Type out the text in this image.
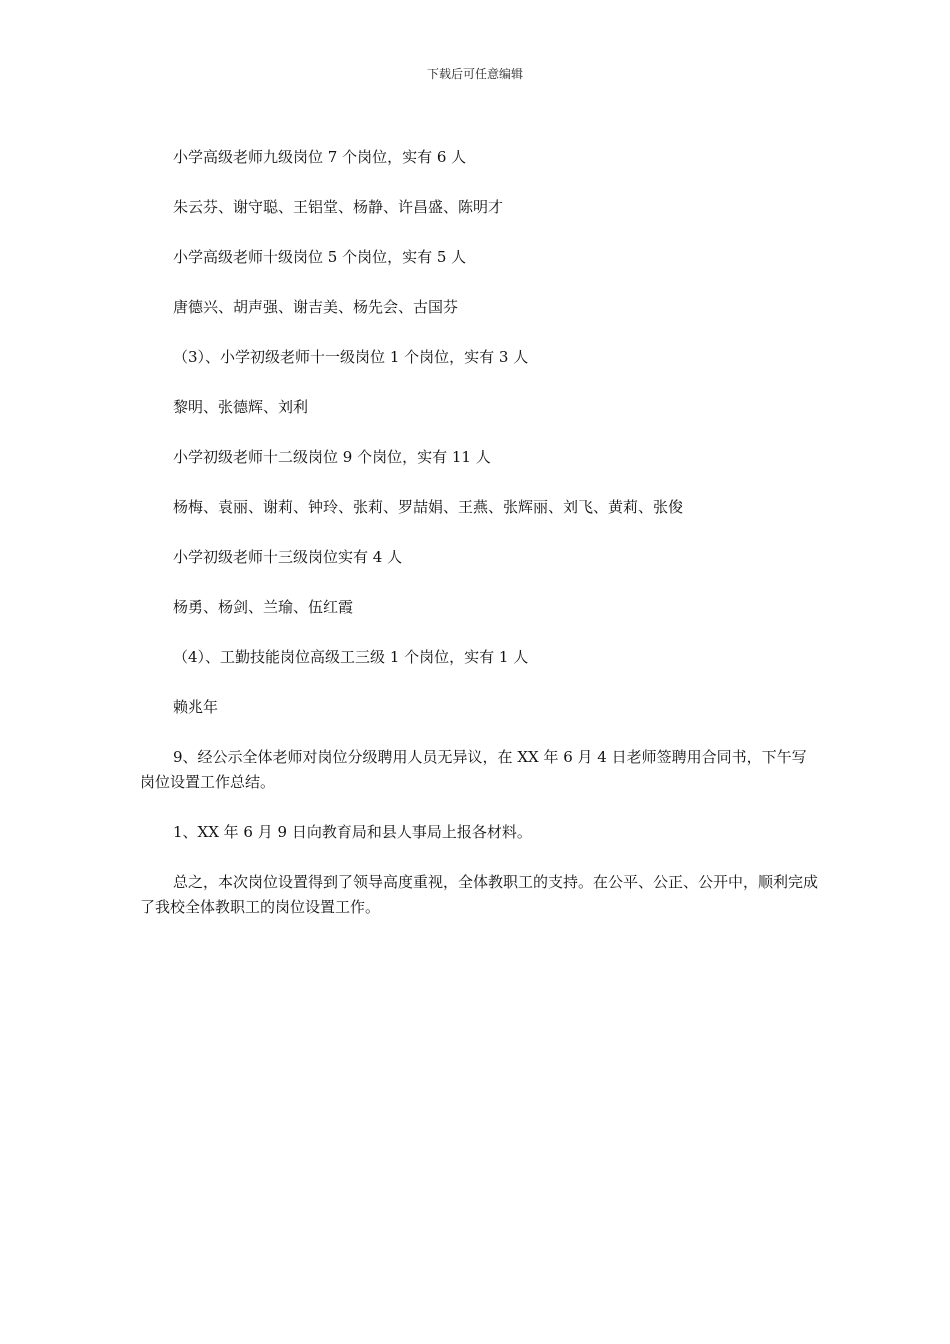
下载后可任意编辑

小学高级老师九级岗位 7 个岗位，实有 6 人

朱云芬、谢守聪、王铝堂、杨静、许昌盛、陈明才

小学高级老师十级岗位 5 个岗位，实有 5 人

唐德兴、胡声强、谢吉美、杨先会、古国芬

（3）、小学初级老师十一级岗位 1 个岗位，实有 3 人

黎明、张德辉、刘利

小学初级老师十二级岗位 9 个岗位，实有 11 人

杨梅、袁丽、谢莉、钟玲、张莉、罗喆娟、王燕、张辉丽、刘飞、黄莉、张俊

小学初级老师十三级岗位实有 4 人

杨勇、杨剑、兰瑜、伍红霞

（4）、工勤技能岗位高级工三级 1 个岗位，实有 1 人

赖兆年

9、经公示全体老师对岗位分级聘用人员无异议，在 XX 年 6 月 4 日老师签聘用合同书，下午写岗位设置工作总结。

1、XX 年 6 月 9 日向教育局和县人事局上报各材料。

总之，本次岗位设置得到了领导高度重视，全体教职工的支持。在公平、公正、公开中，顺利完成了我校全体教职工的岗位设置工作。
